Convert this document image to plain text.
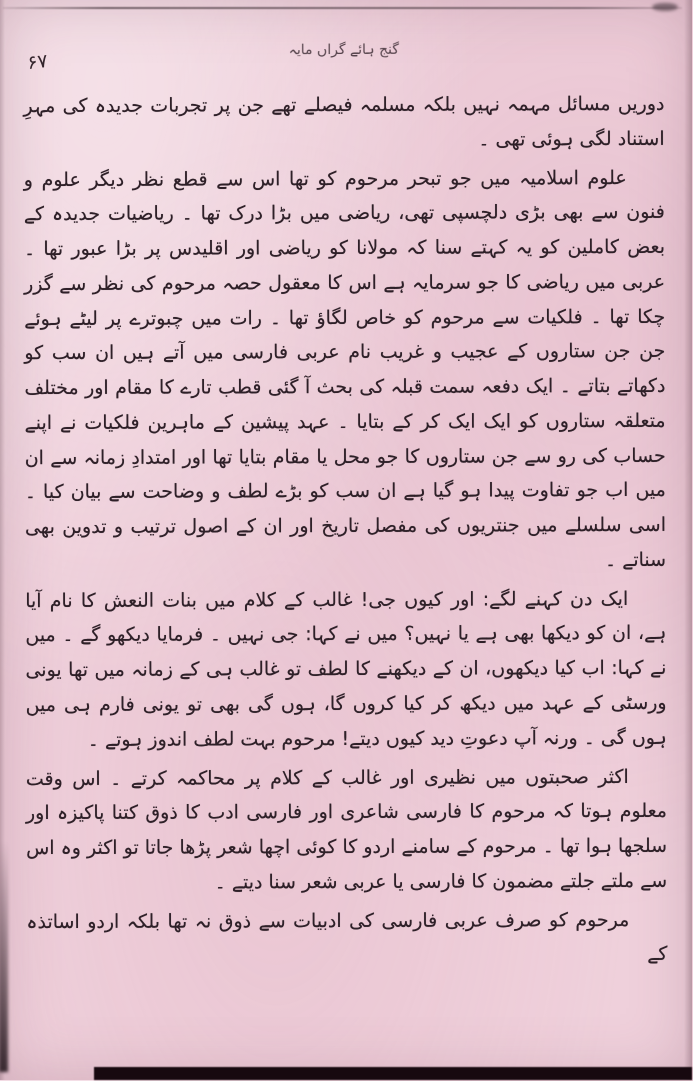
گنج ہائے گراں مایہ
۶۷

دوریں مسائل مہمہ نہیں بلکہ مسلمہ فیصلے تھے جن پر تجربات جدیدہ کی مہرِ استناد لگی ہوئی تھی ۔

علوم اسلامیہ میں جو تبحر مرحوم کو تھا اس سے قطع نظر دیگر علوم و فنون سے بھی بڑی دلچسپی تھی، ریاضی میں بڑا درک تھا ۔ ریاضیات جدیدہ کے بعض کاملین کو یہ کہتے سنا کہ مولانا کو ریاضی اور اقلیدس پر بڑا عبور تھا ۔ عربی میں ریاضی کا جو سرمایہ ہے اس کا معقول حصہ مرحوم کی نظر سے گزر چکا تھا ۔ فلکیات سے مرحوم کو خاص لگاؤ تھا ۔ رات میں چبوترے پر لیٹے ہوئے جن جن ستاروں کے عجیب و غریب نام عربی فارسی میں آتے ہیں ان سب کو دکھاتے بتاتے ۔ ایک دفعہ سمت قبلہ کی بحث آ گئی قطب تارے کا مقام اور مختلف متعلقہ ستاروں کو ایک ایک کر کے بتایا ۔ عہد پیشین کے ماہرین فلکیات نے اپنے حساب کی رو سے جن ستاروں کا جو محل یا مقام بتایا تھا اور امتدادِ زمانہ سے ان میں اب جو تفاوت پیدا ہو گیا ہے ان سب کو بڑے لطف و وضاحت سے بیان کیا ۔ اسی سلسلے میں جنتریوں کی مفصل تاریخ اور ان کے اصول ترتیب و تدوین بھی سناتے ۔

ایک دن کہنے لگے: اور کیوں جی! غالب کے کلام میں بنات النعش کا نام آیا ہے، ان کو دیکھا بھی ہے یا نہیں؟ میں نے کہا: جی نہیں ۔ فرمایا دیکھو گے ۔ میں نے کہا: اب کیا دیکھوں، ان کے دیکھنے کا لطف تو غالب ہی کے زمانہ میں تھا یونی ورسٹی کے عہد میں دیکھ کر کیا کروں گا، ہوں گی بھی تو یونی فارم ہی میں ہوں گی ۔ ورنہ آپ دعوتِ دید کیوں دیتے! مرحوم بہت لطف اندوز ہوتے ۔

اکثر صحبتوں میں نظیری اور غالب کے کلام پر محاکمہ کرتے ۔ اس وقت معلوم ہوتا کہ مرحوم کا فارسی شاعری اور فارسی ادب کا ذوق کتنا پاکیزہ اور سلجھا ہوا تھا ۔ مرحوم کے سامنے اردو کا کوئی اچھا شعر پڑھا جاتا تو اکثر وہ اس سے ملتے جلتے مضمون کا فارسی یا عربی شعر سنا دیتے ۔

مرحوم کو صرف عربی فارسی کی ادبیات سے ذوق نہ تھا بلکہ اردو اساتذہ کے
